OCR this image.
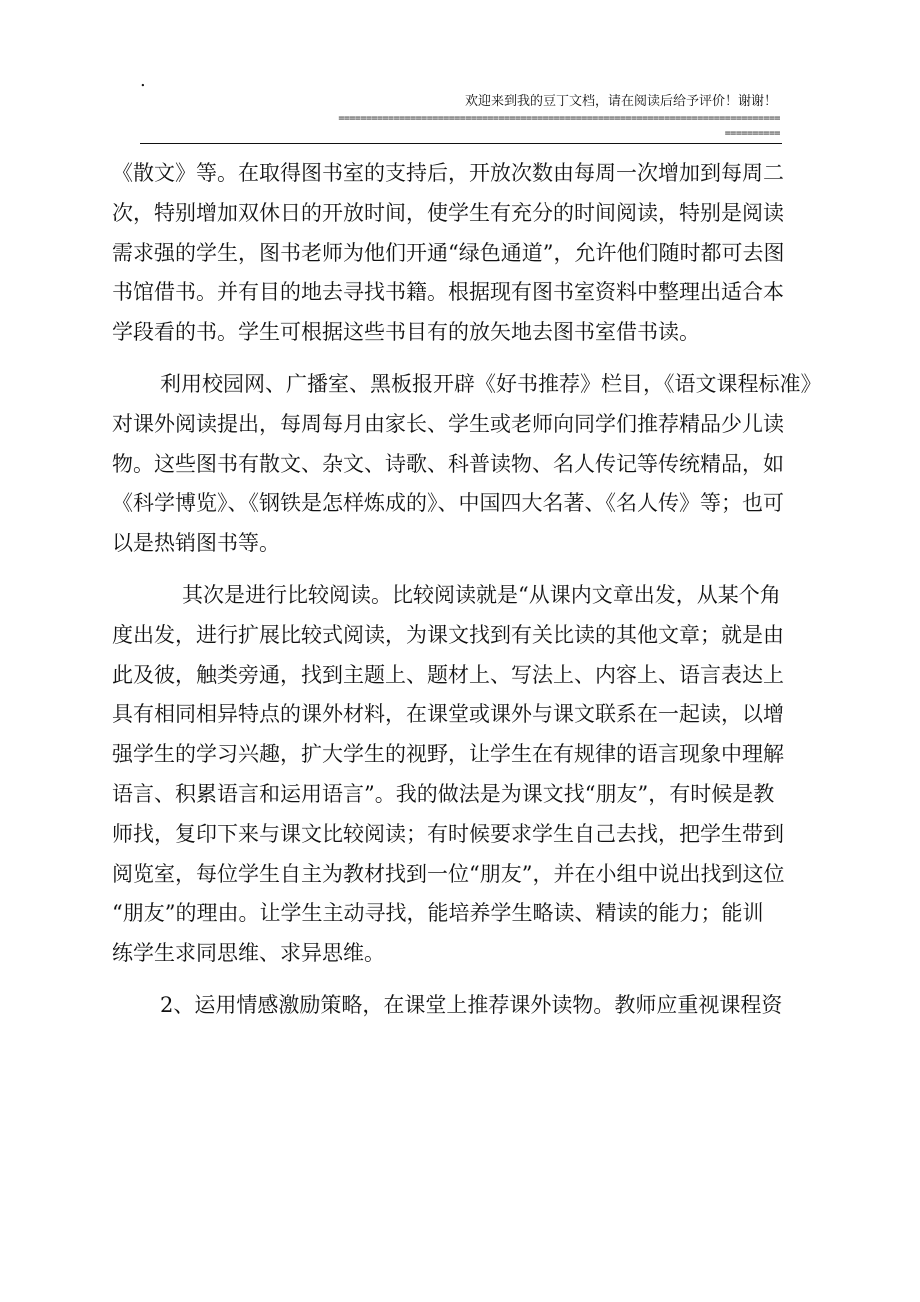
.
欢迎来到我的豆丁文档，请在阅读后给予评价！谢谢！
================================================================================
==========
《散文》等。在取得图书室的支持后，开放次数由每周一次增加到每周二
次，特别增加双休日的开放时间，使学生有充分的时间阅读，特别是阅读
需求强的学生，图书老师为他们开通“绿色通道”，允许他们随时都可去图
书馆借书。并有目的地去寻找书籍。根据现有图书室资料中整理出适合本
学段看的书。学生可根据这些书目有的放矢地去图书室借书读。
利用校园网、广播室、黑板报开辟《好书推荐》栏目，《语文课程标准》
对课外阅读提出，每周每月由家长、学生或老师向同学们推荐精品少儿读
物。这些图书有散文、杂文、诗歌、科普读物、名人传记等传统精品，如
《科学博览》、《钢铁是怎样炼成的》、中国四大名著、《名人传》等；也可
以是热销图书等。
其次是进行比较阅读。比较阅读就是“从课内文章出发，从某个角
度出发，进行扩展比较式阅读，为课文找到有关比读的其他文章；就是由
此及彼，触类旁通，找到主题上、题材上、写法上、内容上、语言表达上
具有相同相异特点的课外材料，在课堂或课外与课文联系在一起读，以增
强学生的学习兴趣，扩大学生的视野，让学生在有规律的语言现象中理解
语言、积累语言和运用语言”。我的做法是为课文找“朋友”，有时候是教
师找，复印下来与课文比较阅读；有时候要求学生自己去找，把学生带到
阅览室，每位学生自主为教材找到一位“朋友”，并在小组中说出找到这位
“朋友”的理由。让学生主动寻找，能培养学生略读、精读的能力；能训
练学生求同思维、求异思维。
2、运用情感激励策略，在课堂上推荐课外读物。教师应重视课程资
